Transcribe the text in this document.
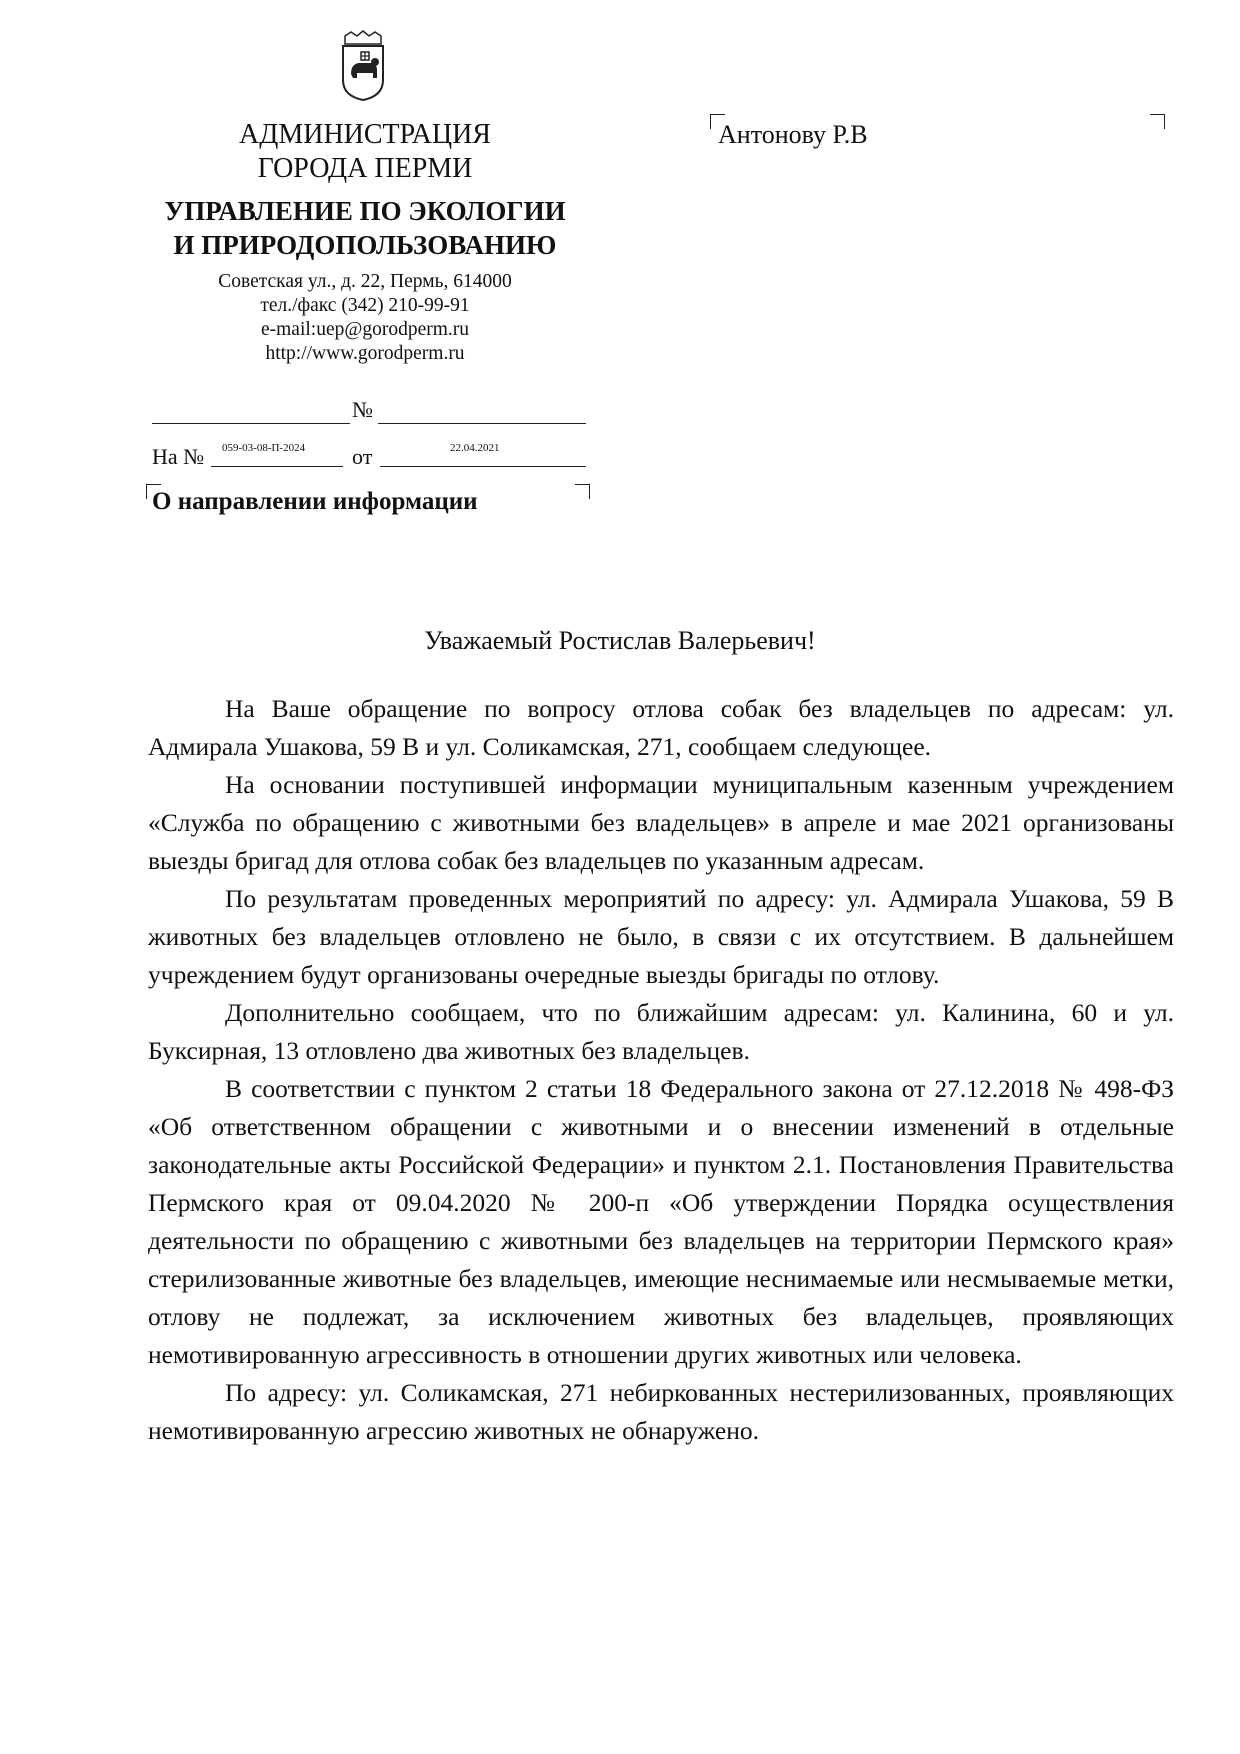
АДМИНИСТРАЦИЯ
ГОРОДА ПЕРМИ
УПРАВЛЕНИЕ ПО ЭКОЛОГИИ
И ПРИРОДОПОЛЬЗОВАНИЮ
Советская ул., д. 22, Пермь, 614000
тел./факс (342) 210-99-91
e-mail:uep@gorodperm.ru
http://www.gorodperm.ru
Антонову Р.В
№
На № 059-03-08-П-2024 от	22.04.2021
О направлении информации
Уважаемый Ростислав Валерьевич!

На Ваше обращение по вопросу отлова собак без владельцев по адресам: ул. Адмирала Ушакова, 59 В и ул. Соликамская, 271, сообщаем следующее.

На основании поступившей информации муниципальным казенным учреждением «Служба по обращению с животными без владельцев» в апреле и мае 2021 организованы выезды бригад для отлова собак без владельцев по указанным адресам.

По результатам проведенных мероприятий по адресу: ул. Адмирала Ушакова, 59 В животных без владельцев отловлено не было, в связи с их отсутствием. В дальнейшем учреждением будут организованы очередные выезды бригады по отлову.

Дополнительно сообщаем, что по ближайшим адресам: ул. Калинина, 60 и ул. Буксирная, 13 отловлено два животных без владельцев.

В соответствии с пунктом 2 статьи 18 Федерального закона от 27.12.2018 № 498-ФЗ «Об ответственном обращении с животными и о внесении изменений в отдельные законодательные акты Российской Федерации» и пунктом 2.1. Постановления Правительства Пермского края от 09.04.2020 № 200-п «Об утверждении Порядка осуществления деятельности по обращению с животными без владельцев на территории Пермского края» стерилизованные животные без владельцев, имеющие неснимаемые или несмываемые метки, отлову не подлежат, за исключением животных без владельцев, проявляющих немотивированную агрессивность в отношении других животных или человека.

По адресу: ул. Соликамская, 271 небиркованных нестерилизованных, проявляющих немотивированную агрессию животных не обнаружено.
